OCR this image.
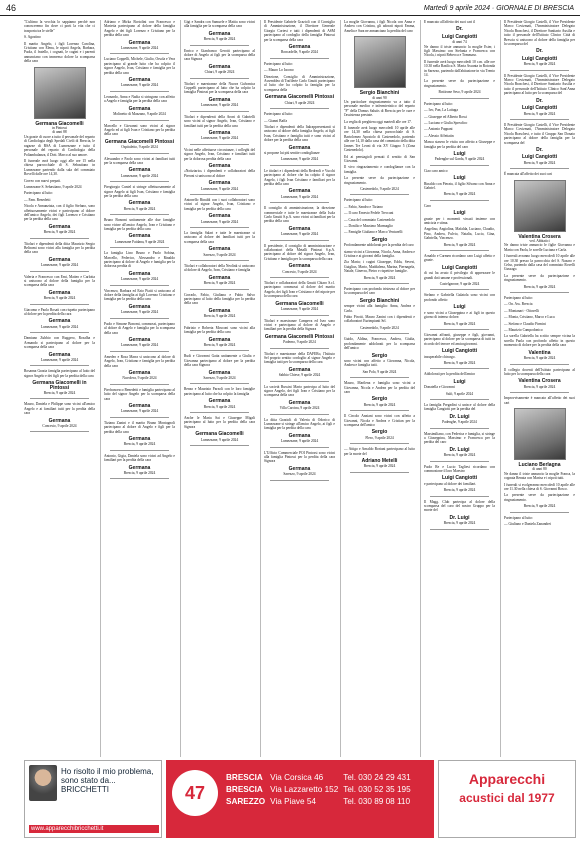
46	Martedì 9 aprile 2024 · GIORNALE DI BRESCIA

"L'ultimo la vecchia lo sappiamo perchè non conosceremo fin dove ci porti la vita che ci trasporta tra le stelle"

S. Agostino

Il marito Angelo, i figli Lorenzo Carolina, Cristiano con Elena, le nipoti Angela, Barbara, Paola, il fratello, i cognati, le cugini e i parenti annunciano con immenso dolore la scomparsa della cara

Germana Giacomelli
in Pintossi
di anni 88

Un grazie di cuore a tutto il personale del reparto di Cardiologia degli Spedali Civili di Brescia, le ragazze di RSA di Lumezzane e tutto il personale del reparto di Cardiologia della Poliambulanza, il Dott. Marco al suo amore.

Il funerale avrà luogo oggi alle ore 15 nella chiesa parrocchiale di S. Sebastiano in Lumezzane partendo dalla sala del commiato Rovelli dalle ore 14,30.

Correo con nuovi prepati.

Lumezzane S. Sebastiano, 9 aprile 2024

Partecipano al lutto:

— Fam. Benedetti

Nicola e Annunziata, con il figlio Stefano, sono affettuosamente vicini e partecipano al dolore dell'amico Angelo, dei figli Lorenzo e Cristiano per la perdita della cara

Germana

Brescia, 9 aprile 2024

Titolari e dipendenti della ditta Maurizio Sergio Beltrami sono vicini alla famiglia per la perdita della cara

Germana

Lumezzane, 9 aprile 2024

Valeria e Francesco con Emi, Matteo e Carlotta si uniscono al dolore della famiglia per la scomparsa della cara

Germana

Brescia, 9 aprile 2024

Giacomo e Paolo Rosati con rispetto partecipano al dolore per la perdita della cara

Germana

Lumezzane, 9 aprile 2024

Damiano Zubbio con Ruggero, Rosalba e Armando si partecipano al dolore per la scomparsa della cara

Germana

Lumezzane, 9 aprile 2024

Rosanna Grazia famiglia partecipano al lutto del signor Angelo e dei figli per la perdita della cara

Germana Giacomelli in Pintossi

Brescia, 9 aprile 2024

Mauro, Daniela e Philippe sono vicini all'amico Angelo e ai familiari tutti per la perdita della cara

Germana

Concesio, 9 aprile 2024

Adriano e Mirka Bortolini con Francesco e Marietta partecipano al dolore della famiglia Angelo e dei figli Lorenzo e Cristiano per la perdita della cara

Germana

Lumezzane, 9 aprile 2024

Luciano Coppelli, Michele, Giulio, Orsola e Vera partecipano al grande lutto che ha colpito il signor Angelo, Ivan, Cristiano e famiglia per la perdita della cara

Germana

Lumezzane, 9 aprile 2024

Leonardo, Anna e Nadia si stringono con affetto a Angelo e famiglia per la perdita della cara

Germana

Molinetto di Mazzano, 9 aprile 2024

Marcello e Giovanni sono vicini al signor Angelo ed ai figli Ivan e Cristiano per la perdita della cara

Germana Giacomelli Pintossi

Ospitaletto, 9 aprile 2024

Alessandro e Paolo sono vicini ai familiari tutti per la scomparsa della cara

Germana

Lumezzane, 9 aprile 2024

Piergiorgio Cuntel si stringe affettuosamente al signor Angelo ai figli Ivan, Cristiano e famiglia per la perdita della cara

Germana

Brescia, 9 aprile 2024

Bruno Bonomi unitamente alle due famiglie sono vicine all'amico Angelo, Ivan e Cristiano e famiglia per la perdita della cara

Germana

Lumezzane Faidana, 9 aprile 2024

La famiglia Lino Bruno e Paolo Sobina, Marcello, Federico, Alessandro e Rinaldo partecipano al dolore di Angelo e famiglia per la dolorosa perdita di

Germana

Lumezzane, 9 aprile 2024

Vincenzo, Barbara ed Ezio Piatti si uniscono al dolore della famiglia ai figli Lorenzo Cristiano e famiglia per la perdita della cara

Germana

Lumezzane, 9 aprile 2024

Paolo e Simone Bonomi, commossi, partecipano al dolore di Angelo e famiglia per la scomparsa della cara

Germana

Lumezzane, 9 aprile 2024

Amedeo e Rosa Marra si uniscono al dolore di Angelo, Ivan, Cristiano e famiglia per la perdita della cara

Germana

Nuvolera, 9 aprile 2024

Pierfrancesco Benedetti e famiglia partecipano al lutto del signor Angelo per la scomparsa della cara

Germana

Lumezzane, 9 aprile 2024

Tiziana Zanini e il marito Bruno Montagnoli partecipano al dolore di Angelo e figli per la perdita della cara

Germana

Brescia, 9 aprile 2024

Antonio, Gigia, Daniela sono vicini ad Angelo e familiari per la perdita della cara

Germana

Brescia, 9 aprile 2024

Gigi e Sandra con Samuele e Mattia sono vicini alla famiglia per la scomparsa della cara

Germana

Brescia, 9 aprile 2024

Enrico e Gianfranco Gerotti partecipano al dolore di Angelo ai figli per la scomparsa della cara Signora

Germana

Chiari, 9 aprile 2024

Titolari e maestranze della Nuova Galvanica Coppelli partecipano al lutto che ha colpito la famiglia Pintossi per la scomparsa della cara

Germana

Lumezzane, 9 aprile 2024

Titolari e dipendenti della Aroni di Gabrielli sono vicini al signor Angelo, Ivan, Cristiano e familiari tutti per la perdita della cara

Germana

Lumezzane, 9 aprile 2024

Vicini nelle affettuose circostanze, i colleghi del signor Angelo, Ivan, Cristiano e familiari tutti per la dolorosa perdita della cara

Germana

«Notiziario» i dipendenti e collaboratori della Pieroni si uniscono al dolore

Germana

Lumezzane, 9 aprile 2024

Antonello Rinaldi con i suoi collaboratori sono vicini al signor Angelo, Ivan, Cristiano e famiglia per la perdita della cara

Germana

Lumezzane, 9 aprile 2024

La famiglia Salari e tutte le maestranze si uniscono al dolore dei familiari tutti per la scomparsa della cara

Germana

Sarezzo, 9 aprile 2024

Titolari e collaboratori della Neolink si uniscono al dolore di Angelo, Ivan, Cristiano e famiglia

Germana

Brescia, 9 aprile 2024

Corrado, Fabio, Giuliana e Fabio Salvo partecipano al lutto della famiglia per la perdita della cara

Germana

Brescia, 9 aprile 2024

Fabrizio e Roberta Mosconi sono vicini alla famiglia per la perdita della cara

Germana

Brescia, 9 aprile 2024

Rudi e Giovanni Gatta unitamente a Giulia e Giovanna partecipano al dolore per la perdita della cara Signora

Germana

Sarezzo, 9 aprile 2024

Renzo e Maurizio Parzoli con le loro famiglie partecipano al lutto che ha colpito la famiglia

Germana

Brescia, 9 aprile 2024

Anche le Maria Sai e Giuseppe Migali partecipano al lutto per la perdita della cara Signora

Germana Giacomelli

Lumezzane, 9 aprile 2024

Il Presidente Gabriele Grazioli con il Consiglio di Amministrazione, il Direttore Generale Giorgio Cortesi e tutti i dipendenti di ASM partecipano al cordoglio della famiglia Pintossi per la scomparsa della cara

Germana

Roncadelle, 9 aprile 2024

Partecipano al lutto:

— Mauro Lo Iacono

Direzione, Consiglio di Amministrazione, Assemblea di Trafilerie Carlo Gnutti partecipano al lutto che ha colpito la famiglia per la scomparsa della

Germana Giacomelli Pintossi

Chiari, 9 aprile 2024

Partecipano al lutto:

— Gianni Baffa

Titolari e dipendenti della Italrappresentanti si uniscono al dolore della famiglia Angelo, ai figli Ivan, Cristiano e famiglia tutti e sono vicini al dolore per la perdita della cara

Germana

si propone lui più sentite condoglianze

Lumezzane, 9 aprile 2024

Le titolari e i dipendenti della Redreoli e Vucchi partecipano al dolore che ha colpito il signor Angelo, i figli Ivan Cristiano e familiari per la perdita della cara

Germana

Lumezzane, 9 aprile 2024

Il consiglio di amministrazione, la direzione commerciale e tutte le maestranze della Isola Carlo Gnutti S.p.A. sono vicini ai familiari per la perdita della cara

Germana

Lumezzane, 9 aprile 2024

Il presidente, il consiglio di amministrazione e collaboratori della Metalli Pintossi S.p.A. partecipano al dolore del signor Angelo, Ivan, Cristiano e famiglia per la scomparsa della cara

Germana

Concesio, 9 aprile 2024

Titolari e collaboratori della Gnutti Chiaro S.r.l. partecipano commossi al dolore del marito Angelo, dei figli Ivan e Cristiano e del nipote per la scomparsa della cara

Germana Giacomelli

Lumezzane, 9 aprile 2024

Titolari e maestranze Campeva ed Iseo sono vicini e partecipano al dolore di Angelo e familiari per la perdita della Signora

Germana Giacomelli Pintossi

Paderno, 9 aprile 2024

Titolari e maestranze della DAFERo, l'Istituto Sel proprio sentito cordoglio al signor Angelo e famiglia tutti per la scomparsa della cara

Germana

Sabbio Chiese, 9 aprile 2024

La società Bussini Mario partecipa al lutto del signor Angelo, dei figli Ivan e Cristiano per la scomparsa della cara

Germana

Villa Carcina, 9 aprile 2024

La ditta Grazioli di Valeria di Odorico di Lumezzane si stringe all'amico Angelo, ai figli e famiglia per la perdita della cara

Germana

Lumezzane, 9 aprile 2024

L'Ufficio Commerciale POI Pintossi sono vicini alla famiglia Pintossi per la perdita della cara Signora

Germana

Sarezzo, 9 aprile 2024

La moglie Giovanna, i figli Nicola con Anna e Andrea con Cristina, gli adorati nipoti Emma, Amelia e Sara ne annunciano la perdita del caro

Sergio Bianchini
di anni 90

Un particolare ringraziamento va a tutto il personale medico e infermieristico del reparto "F" della Domus Salutis di Brescia per le cure e l'assistenza prestate.

La veglia di preghiera oggi martedì alle ore 17.

Il funerale avrà luogo mercoledì 10 aprile alle ore 14,30 nella chiesa parrocchiale di S. Bartolomeo Apostolo di Castenedolo, partendo alle ore 14,10 dalla casa del commiato della ditta Jannes Tre Leoni di via XV Giugno 5 (Zona Castenedolo).

Ed ai pensiagioli pensati il sentito di San Giovanni.

Il vivo ringraziamento e condoglianze con la famiglia.

La presente serve da partecipazione e ringraziamento.

Castenedolo, 9 aprile 2024

Partecipano al lutto:

— Fabio, Sandro e Tiziano

— Il caro Ernesto Fedele Treccani

— Casa del commiato Castenedolo

— Donilio e Massimo Marmaglio

— Famiglie Giuliano e Marco Venturelli

Sergio

Profondamente addolorati per la perdita del caro

siamo vicini a Giovanna, Nicola, Anna, Andrea e Cristina e ai giovani della famiglia.

Zia Maria; i cugini Giuseppe, Edda, Sevesi, Guiglius, Mario, Maddalena, Marina, Piernagela, Natale, Ginevra, Pietro e rispettive famiglie.

Brescia, 9 aprile 2024

Partecipano con profonda tristezza al dolore per la scomparsa del caro

Sergio Bianchini

sempre vicini alla famiglia: Anna, Andrea e Carla.

Fabio Pirotti, Mauro Zanini con i dipendenti e collaboratori Eurimpianti Srl.

Castenedolo, 9 aprile 2024

Guido, Aldina, Francesca, Andrea, Giulia, profondamente addolorati per la scomparsa dell'amico

Sergio

sono vicini con affetto a Giovanna, Nicola, Andrea e famiglia tutti.

San Polo, 9 aprile 2024

Mauro, Marilena e famiglia sono vicini a Giovanna, Nicola e Andrea per la perdita del caro

Sergio

Brescia, 9 aprile 2024

Il Circolo Anziani sono vicini con affetto a Giovanni, Nicola e Andrea e Cristian per la scomparsa dell'amico

Sergio

Flero, 9 aprile 2024

— Attigo e Arnaldo Boriani partecipano al lutto per la morte del

Adriano Metelli

Brescia, 9 aprile 2024

È mancato all'affetto dei suoi cari il

Dr.
Luigi Cangiotti
di anni 74

Ne danno il triste annuncio la moglie Ester, i figli Massimo con Stefania e Francesca con Nicola, i nipoti Rebecca e Tommaso.

Il funerale avrà luogo mercoledì 10 c.m. alle ore 10.30 nella Basilica S. Maria Assunta in Rotonda in Sarezzo, partendo dall'abitazione in via Trento 14.

La presente serve da partecipazione e ringraziamento.

Bottirone Seso, 9 aprile 2024

Partecipano al lutto:

— Ivo, Pan, La Lattuga

— Giuseppe ed Alberto Rossi

— Luciano e Giulia Spreafico

— Antonio Pappani

— Alessio Affettatin

Manca stasera le visita con affetto a Giuseppe e famiglia per la perdita del caro

Luigi

Padenghe sul Garda, 9 aprile 2024

Ciao caro amico

Luigi

Rinaldo con Pierata, il figlio Silvano con Anna e Gabriel.

Brescia, 9 aprile 2024

Caro

Luigi

grazie per i momenti vissuti insieme con amicizia e stima.

Angelino, Angiolina, Mafalda, Luciano, Claudio, Pino, Andrea, Fulvio, Natalia, Lucio, Gina, Gabriella, Vincenzo.

Brescia, 9 aprile 2024

Arnaldo e Carmen ricordano caro Luigi affetto e grazie.

Luigi Cangiotti

di cui ha avuto il privilegio di apprezzare le grandi doti umane e professionali.

Castelgarone, 9 aprile 2024

Stefano e Gabriella Galatola sono vicini con profondo affetto

Luigi

e sono vicini a Giuseppina e ai figli in questo giorno di intenso dolore.

Brescia, 9 aprile 2024

Giovanni affranti, giuseppe e figli, giovanni, partecipano al dolore per la scomparsa di tutti in ricordo del terrore ed amicogiovanni.

Luigi Cangiotti

insuperabile chirurgo.

Brescia, 9 aprile 2024

Addolorati per la perdita dell'amico

Luigi

Donatella e Giovanni

Salò, 9 aprile 2024

La famiglia Pregadini si unisce al dolore della famiglia Cangiotti per la perdita del

Dr. Luigi

Padenghe, 9 aprile 2024

Massimiliano, con Federica e famiglia, si stringe a Giuseppina, Massimo e Francesca per la perdita del caro

Dr. Luigi

Brescia, 9 aprile 2024

Paolo Re e Lucio Tagliesi ricordano con commozione il loro Maestro

Luigi Cangiotti

e partecipano al dolore dei familiari.

Brescia, 9 aprile 2024

Il Magg. Club partecipa al dolore della scomparsa del caro del nostro Gruppo per la morte del

Dr. Luigi

Brescia, 9 aprile 2024

Il Presidente Giorgio Castelli, il Vice Presidente Marco Covizmati, l'Amministratore Delegato Nicola Braschesi, il Direttore Sanitario Ausilia e tutto il personale dell'Istituto Clinico Città di Brescia si uniscono al dolore della famiglia per la scomparsa del

Dr.
Luigi Cangiotti

Brescia, 9 aprile 2024

Il Presidente Giorgio Castelli, il Vice Presidente Marco Covizmati, l'Amministratore Delegato Nicola Braschesi, il Direttore Sanitario Ausilia e tutto il personale dell'Istituto Clinico Sant'Anna partecipano al lutto per la scomparsa del

Dr.
Luigi Cangiotti

Brescia, 9 aprile 2024

Il Presidente Giorgio Castelli, il Vice Presidente Marco Covizmati, l'Amministratore Delegato Nicola Braschesi, e tutto il Gruppo San Donato partecipano al dolore della famiglia per la scomparsa del

Dr.
Luigi Cangiotti

Brescia, 9 aprile 2024

È mancata all'affetto dei suoi cari

Valentina Crosera
ved. Abbiatici

Ne danno triste annuncio le figlie Giovanna e Maria con Paola, le sorelle Luciana e Carla.

I funerali avranno luogo mercoledì 10 aprile alle ore 10.30 presso la parrocchia del S. Nazaro e Celso, partendo dalla casa del commiato Rovelli Gussago.

La presente serve da partecipazione e ringraziamento.

Brescia, 9 aprile 2024

Partecipano al lutto:

— On. Ass. Brescia

— Montanari - Ottavelli

— Monia, Cristiano, Marco e Luca

— Stefano e Claudio Firmini

— Maurizio Campodonico

La sorella Gabriella ha scritto sempre vicina la sorella Paola con profondo affetto in questo momento di dolore per la perdita della cara

Valentina

Brescia, 9 aprile 2024

Il collegio docenti dell'Istituto partecipano al lutto per la scomparsa della cara

Valentina Crosera

Brescia, 9 aprile 2024

Improvvisamente è mancato all'affetto dei suoi cari

Luciano Berlagna
di anni 80

Ne danno il triste annuncio la moglie Franca, la cognata Renata con Marisa e i nipoti tutti.

I funerali si svolgeranno mercoledì 10 aprile alle ore 11.30 nella chiesa di S. Giovanni Bosco.

La presente serve da partecipazione e ringraziamento.

Brescia, 9 aprile 2024

Partecipano al lutto:

— Giuliano e Daniela Zanandrei

Ho risolto il mio problema,
sono stato da... BRICCHETTI
www.apparecchibricchetti.it
47
BRESCIA	Via Corsica 46	Tel. 030 24 29 431
BRESCIA	Via Lazzaretto 152	Tel. 030 52 35 195
SAREZZO	Via Piave 54	Tel. 030 89 08 110
Apparecchi
acustici dal 1977
